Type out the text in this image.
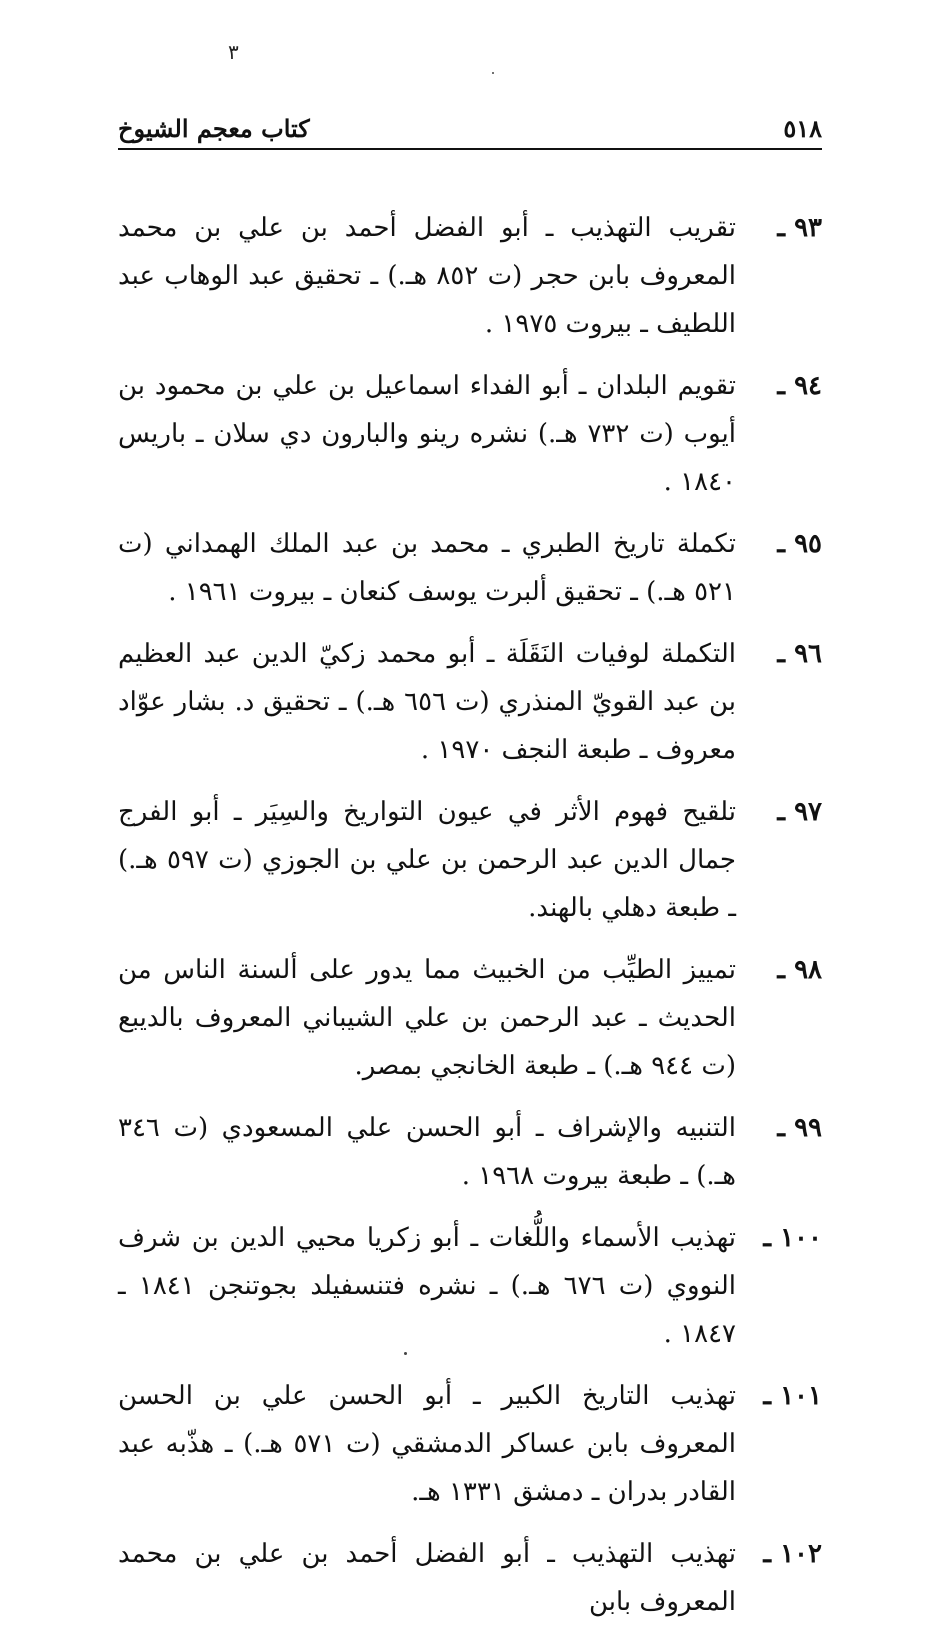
٣
٥١٨
كتاب معجم الشيوخ
٩٣ ـ
تقريب التهذيب ـ أبو الفضل أحمد بن علي بن محمد المعروف بابن حجر (ت ٨٥٢ هـ.) ـ تحقيق عبد الوهاب عبد اللطيف ـ بيروت ١٩٧٥ .
٩٤ ـ
تقويم البلدان ـ أبو الفداء اسماعيل بن علي بن محمود بن أيوب (ت ٧٣٢ هـ.) نشره رينو والبارون دي سلان ـ باريس ١٨٤٠ .
٩٥ ـ
تكملة تاريخ الطبري ـ محمد بن عبد الملك الهمداني (ت ٥٢١ هـ.) ـ تحقيق ألبرت يوسف كنعان ـ بيروت ١٩٦١ .
٩٦ ـ
التكملة لوفيات النَقَلَة ـ أبو محمد زكيّ الدين عبد العظيم بن عبد القويّ المنذري (ت ٦٥٦ هـ.) ـ تحقيق د. بشار عوّاد معروف ـ طبعة النجف ١٩٧٠ .
٩٧ ـ
تلقيح فهوم الأثر في عيون التواريخ والسِيَر ـ أبو الفرج جمال الدين عبد الرحمن بن علي بن الجوزي (ت ٥٩٧ هـ.) ـ طبعة دهلي بالهند.
٩٨ ـ
تمييز الطيِّب من الخبيث مما يدور على ألسنة الناس من الحديث ـ عبد الرحمن بن علي الشيباني المعروف بالديبع (ت ٩٤٤ هـ.) ـ طبعة الخانجي بمصر.
٩٩ ـ
التنبيه والإشراف ـ أبو الحسن علي المسعودي (ت ٣٤٦ هـ.) ـ طبعة بيروت ١٩٦٨ .
١٠٠ ـ
تهذيب الأسماء واللُّغات ـ أبو زكريا محيي الدين بن شرف النووي (ت ٦٧٦ هـ.) ـ نشره فتنسفيلد بجوتنجن ١٨٤١ ـ ١٨٤٧ .
١٠١ ـ
تهذيب التاريخ الكبير ـ أبو الحسن علي بن الحسن المعروف بابن عساكر الدمشقي (ت ٥٧١ هـ.) ـ هذّبه عبد القادر بدران ـ دمشق ١٣٣١ هـ.
١٠٢ ـ
تهذيب التهذيب ـ أبو الفضل أحمد بن علي بن محمد المعروف بابن
